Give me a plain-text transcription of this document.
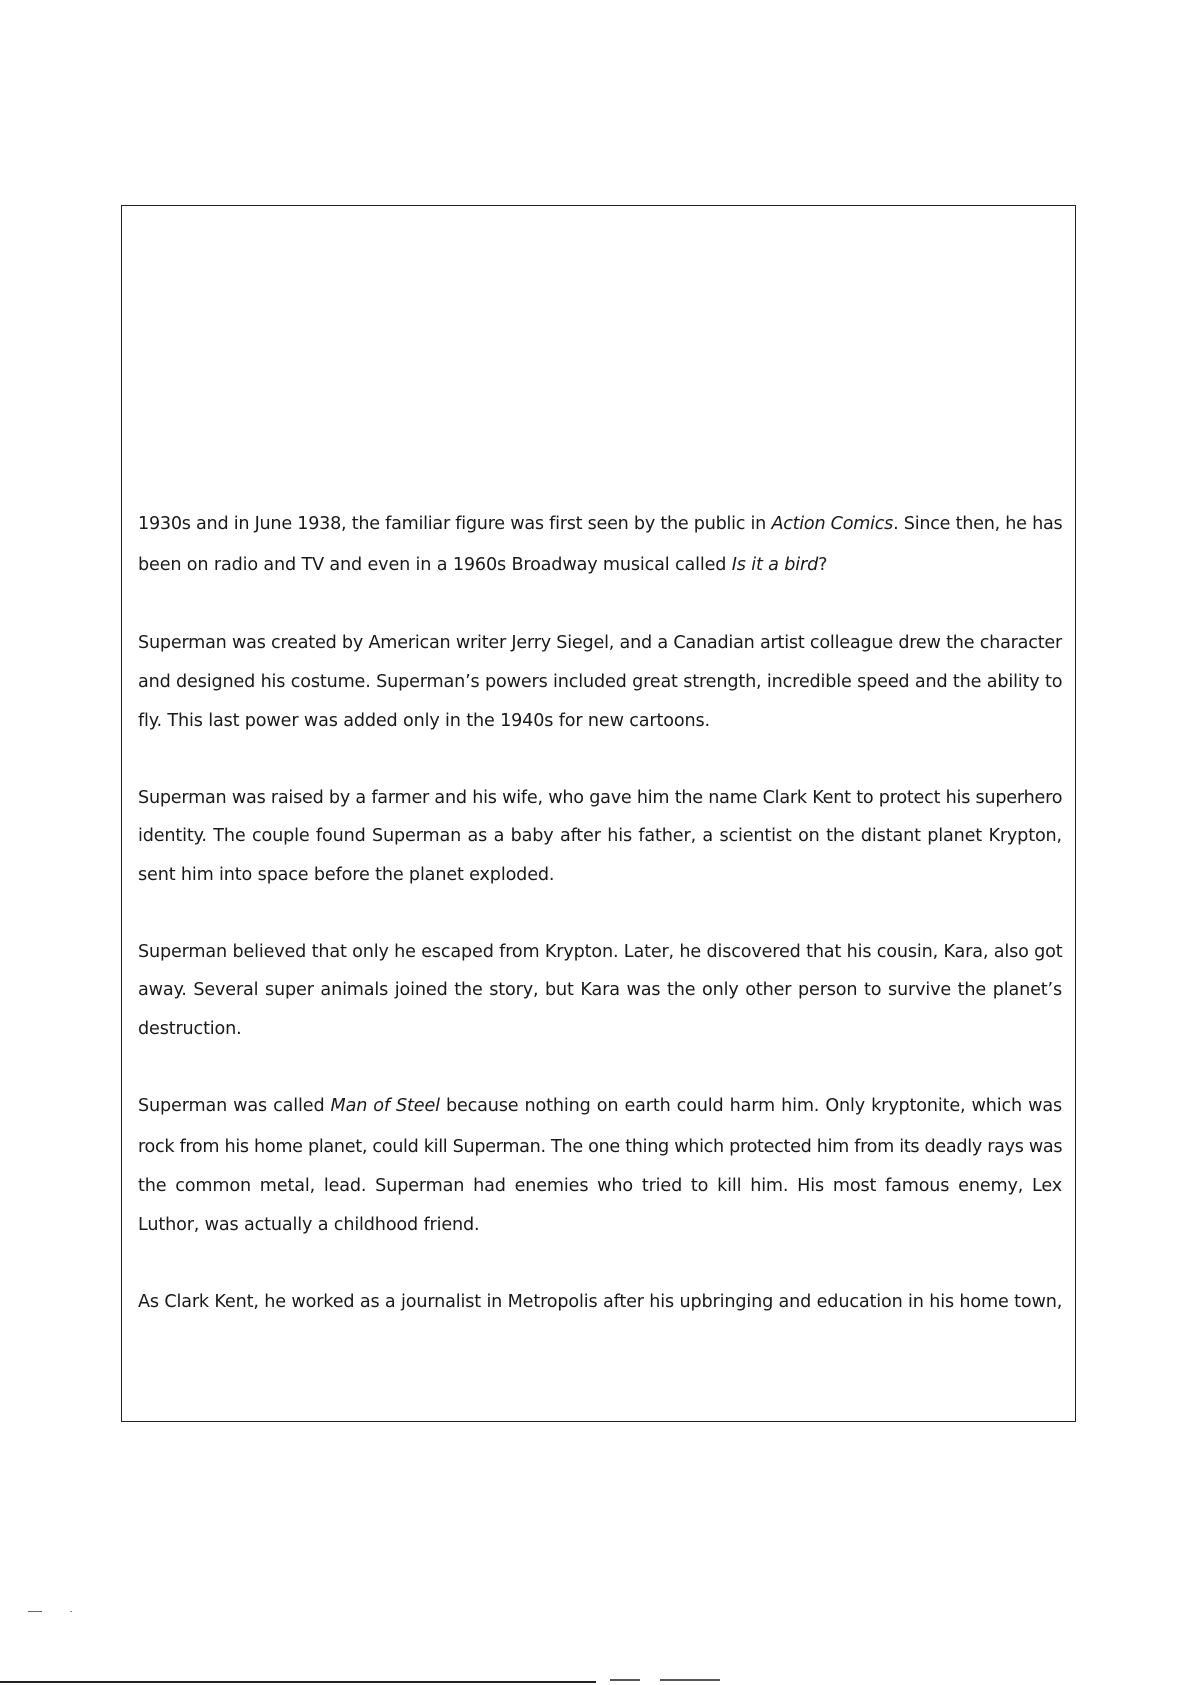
1930s and in June 1938, the familiar figure was first seen by the public in Action Comics. Since then, he has
been on radio and TV and even in a 1960s Broadway musical called Is it a bird?
Superman was created by American writer Jerry Siegel, and a Canadian artist colleague drew the character
and designed his costume. Superman’s powers included great strength, incredible speed and the ability to
fly. This last power was added only in the 1940s for new cartoons.
Superman was raised by a farmer and his wife, who gave him the name Clark Kent to protect his superhero
identity. The couple found Superman as a baby after his father, a scientist on the distant planet Krypton,
sent him into space before the planet exploded.
Superman believed that only he escaped from Krypton. Later, he discovered that his cousin, Kara, also got
away. Several super animals joined the story, but Kara was the only other person to survive the planet’s
destruction.
Superman was called Man of Steel because nothing on earth could harm him. Only kryptonite, which was
rock from his home planet, could kill Superman. The one thing which protected him from its deadly rays was
the common metal, lead. Superman had enemies who tried to kill him. His most famous enemy, Lex
Luthor, was actually a childhood friend.
As Clark Kent, he worked as a journalist in Metropolis after his upbringing and education in his home town,
